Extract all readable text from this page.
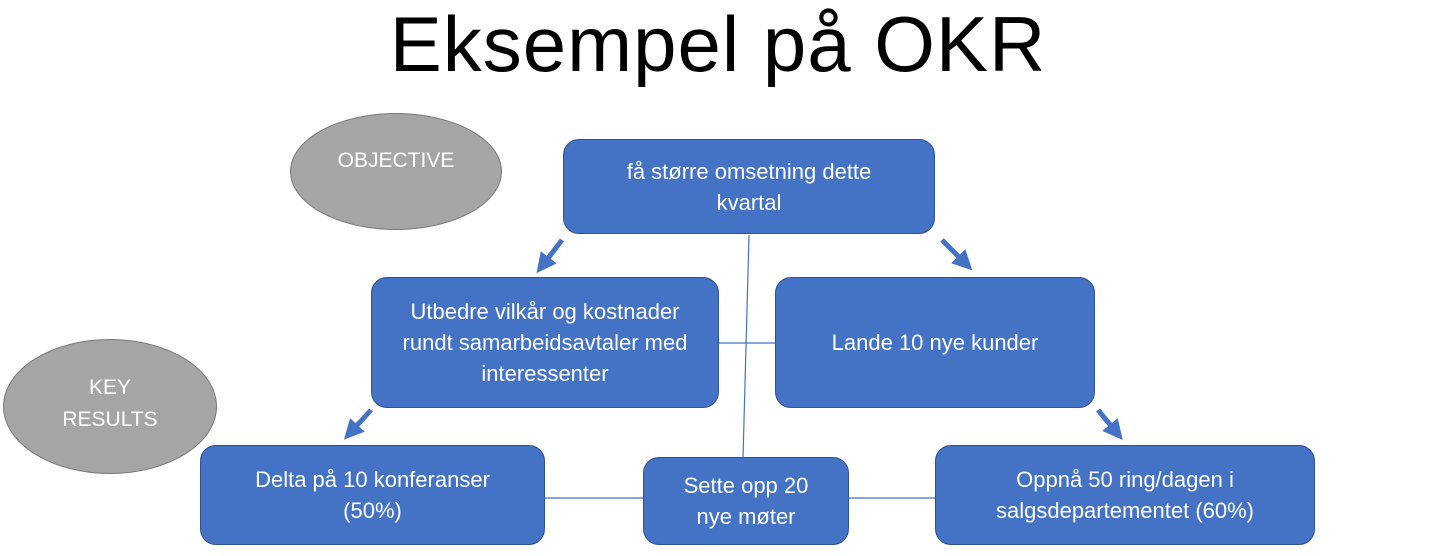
Eksempel på OKR
OBJECTIVE
KEY RESULTS
få større omsetning dette kvartal
Utbedre vilkår og kostnader rundt samarbeidsavtaler med interessenter
Lande 10 nye kunder
Delta på 10 konferanser (50%)
Sette opp 20 nye møter
Oppnå 50 ring/dagen i salgsdepartementet (60%)
